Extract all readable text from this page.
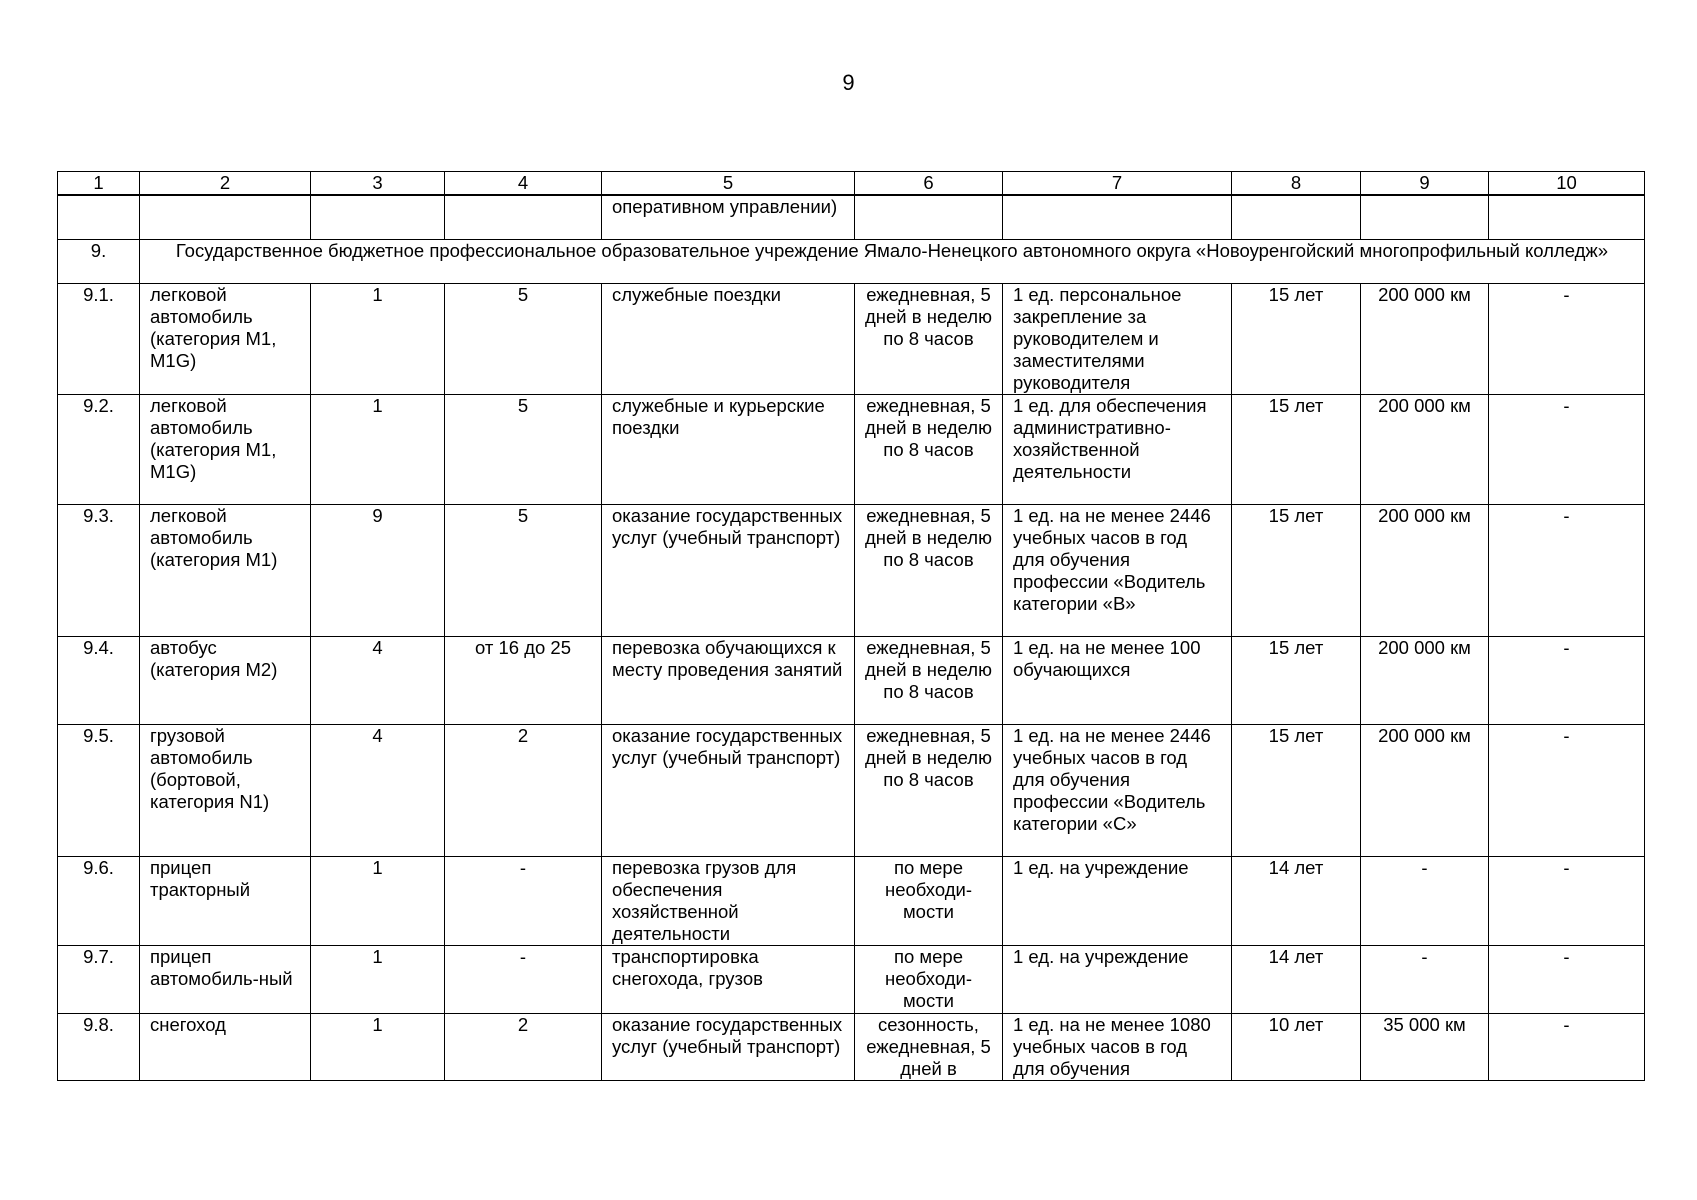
9
1	2	3	4	5	6	7	8	9	10
				оперативном управлении)					
9.	Государственное бюджетное профессиональное образовательное учреждение Ямало-Ненецкого автономного округа «Новоуренгойский многопрофильный колледж»								
9.1.	легковой автомобиль (категория М1, M1G)	1	5	служебные поездки	ежедневная, 5 дней в неделю по 8 часов	1 ед. персональное закрепление за руководителем и заместителями руководителя	15 лет	200 000 км	-
9.2.	легковой автомобиль (категория М1, M1G)	1	5	служебные и курьерские поездки	ежедневная, 5 дней в неделю по 8 часов	1 ед. для обеспечения административно-хозяйственной деятельности	15 лет	200 000 км	-
9.3.	легковой автомобиль (категория М1)	9	5	оказание государственных услуг (учебный транспорт)	ежедневная, 5 дней в неделю по 8 часов	1 ед. на не менее 2446 учебных часов в год для обучения профессии «Водитель категории «В»	15 лет	200 000 км	-
9.4.	автобус (категория М2)	4	от 16 до 25	перевозка обучающихся к месту проведения занятий	ежедневная, 5 дней в неделю по 8 часов	1 ед. на не менее 100 обучающихся	15 лет	200 000 км	-
9.5.	грузовой автомобиль (бортовой, категория N1)	4	2	оказание государственных услуг (учебный транспорт)	ежедневная, 5 дней в неделю по 8 часов	1 ед. на не менее 2446 учебных часов в год для обучения профессии «Водитель категории «С»	15 лет	200 000 км	-
9.6.	прицеп тракторный	1	-	перевозка грузов для обеспечения хозяйственной деятельности	по мере необходи-мости	1 ед. на учреждение	14 лет	-	-
9.7.	прицеп автомобиль-ный	1	-	транспортировка снегохода, грузов	по мере необходи-мости	1 ед. на учреждение	14 лет	-	-
9.8.	снегоход	1	2	оказание государственных услуг (учебный транспорт)	сезонность, ежедневная, 5 дней в	1 ед. на не менее 1080 учебных часов в год для обучения	10 лет	35 000 км	-
